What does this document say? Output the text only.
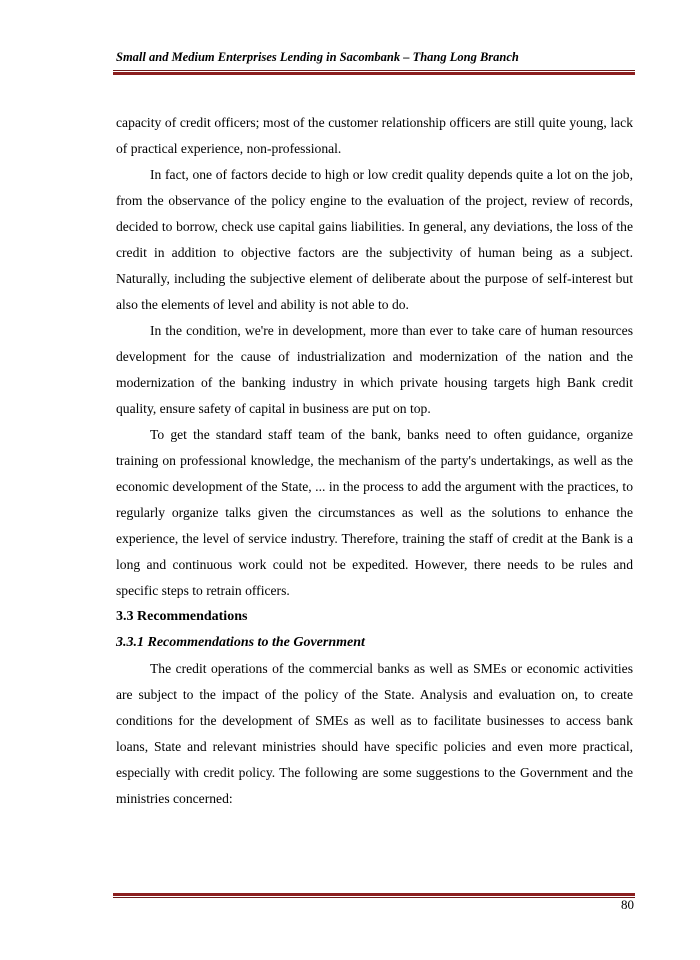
Small and Medium Enterprises Lending in Sacombank – Thang Long Branch

capacity of credit officers; most of the customer relationship officers are still quite young, lack of practical experience, non-professional.

In fact, one of factors decide to high or low credit quality depends quite a lot on the job, from the observance of the policy engine to the evaluation of the project, review of records, decided to borrow, check use capital gains liabilities. In general, any deviations, the loss of the credit in addition to objective factors are the subjectivity of human being as a subject. Naturally, including the subjective element of deliberate about the purpose of self-interest but also the elements of level and ability is not able to do.

In the condition, we're in development, more than ever to take care of human resources development for the cause of industrialization and modernization of the nation and the modernization of the banking industry in which private housing targets high Bank credit quality, ensure safety of capital in business are put on top.

To get the standard staff team of the bank, banks need to often guidance, organize training on professional knowledge, the mechanism of the party's undertakings, as well as the economic development of the State, ... in the process to add the argument with the practices, to regularly organize talks given the circumstances as well as the solutions to enhance the experience, the level of service industry. Therefore, training the staff of credit at the Bank is a long and continuous work could not be expedited. However, there needs to be rules and specific steps to retrain officers.

3.3 Recommendations
3.3.1 Recommendations to the Government

The credit operations of the commercial banks as well as SMEs or economic activities are subject to the impact of the policy of the State. Analysis and evaluation on, to create conditions for the development of SMEs as well as to facilitate businesses to access bank loans, State and relevant ministries should have specific policies and even more practical, especially with credit policy. The following are some suggestions to the Government and the ministries concerned:

80
